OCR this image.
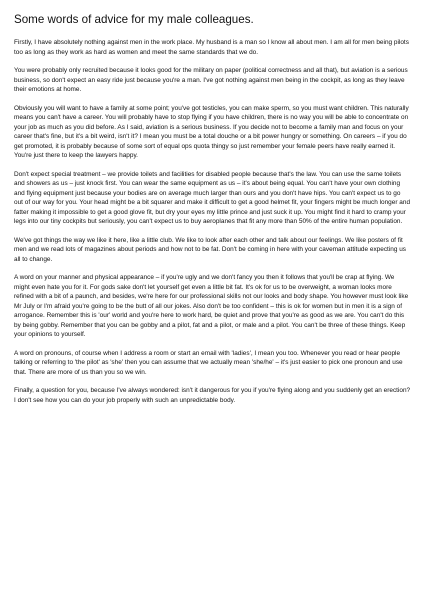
Some words of advice for my male colleagues.

Firstly, I have absolutely nothing against men in the work place. My husband is a man so I know all about men. I am all for men being pilots too as long as they work as hard as women and meet the same standards that we do.

You were probably only recruited because it looks good for the military on paper (political correctness and all that), but aviation is a serious business, so don't expect an easy ride just because you're a man. I've got nothing against men being in the cockpit, as long as they leave their emotions at home.

Obviously you will want to have a family at some point; you've got testicles, you can make sperm, so you must want children. This naturally means you can't have a career. You will probably have to stop flying if you have children, there is no way you will be able to concentrate on your job as much as you did before. As I said, aviation is a serious business. If you decide not to become a family man and focus on your career that's fine, but it's a bit weird, isn't it? I mean you must be a total douche or a bit power hungry or something. On careers – if you do get promoted, it is probably because of some sort of equal ops quota thingy so just remember your female peers have really earned it. You're just there to keep the lawyers happy.

Don't expect special treatment – we provide toilets and facilities for disabled people because that's the law. You can use the same toilets and showers as us – just knock first. You can wear the same equipment as us – it's about being equal. You can't have your own clothing and flying equipment just because your bodies are on average much larger than ours and you don't have hips. You can't expect us to go out of our way for you. Your head might be a bit squarer and make it difficult to get a good helmet fit, your fingers might be much longer and fatter making it impossible to get a good glove fit, but dry your eyes my little prince and just suck it up. You might find it hard to cramp your legs into our tiny cockpits but seriously, you can't expect us to buy aeroplanes that fit any more than 50% of the entire human population.

We've got things the way we like it here, like a little club. We like to look after each other and talk about our feelings. We like posters of fit men and we read lots of magazines about periods and how not to be fat. Don't be coming in here with your caveman attitude expecting us all to change.

A word on your manner and physical appearance – if you're ugly and we don't fancy you then it follows that you'll be crap at flying. We might even hate you for it. For gods sake don't let yourself get even a little bit fat. It's ok for us to be overweight, a woman looks more refined with a bit of a paunch, and besides, we're here for our professional skills not our looks and body shape. You however must look like Mr July or I'm afraid you're going to be the butt of all our jokes. Also don't be too confident – this is ok for women but in men it is a sign of arrogance. Remember this is 'our' world and you're here to work hard, be quiet and prove that you're as good as we are. You can't do this by being gobby. Remember that you can be gobby and a pilot, fat and a pilot, or male and a pilot. You can't be three of these things. Keep your opinions to yourself.

A word on pronouns, of course when I address a room or start an email with 'ladies', I mean you too. Whenever you read or hear people talking or referring to 'the pilot' as 'she' then you can assume that we actually mean 'she/he' – it's just easier to pick one pronoun and use that. There are more of us than you so we win.

Finally, a question for you, because I've always wondered: isn't it dangerous for you if you're flying along and you suddenly get an erection? I don't see how you can do your job properly with such an unpredictable body.
